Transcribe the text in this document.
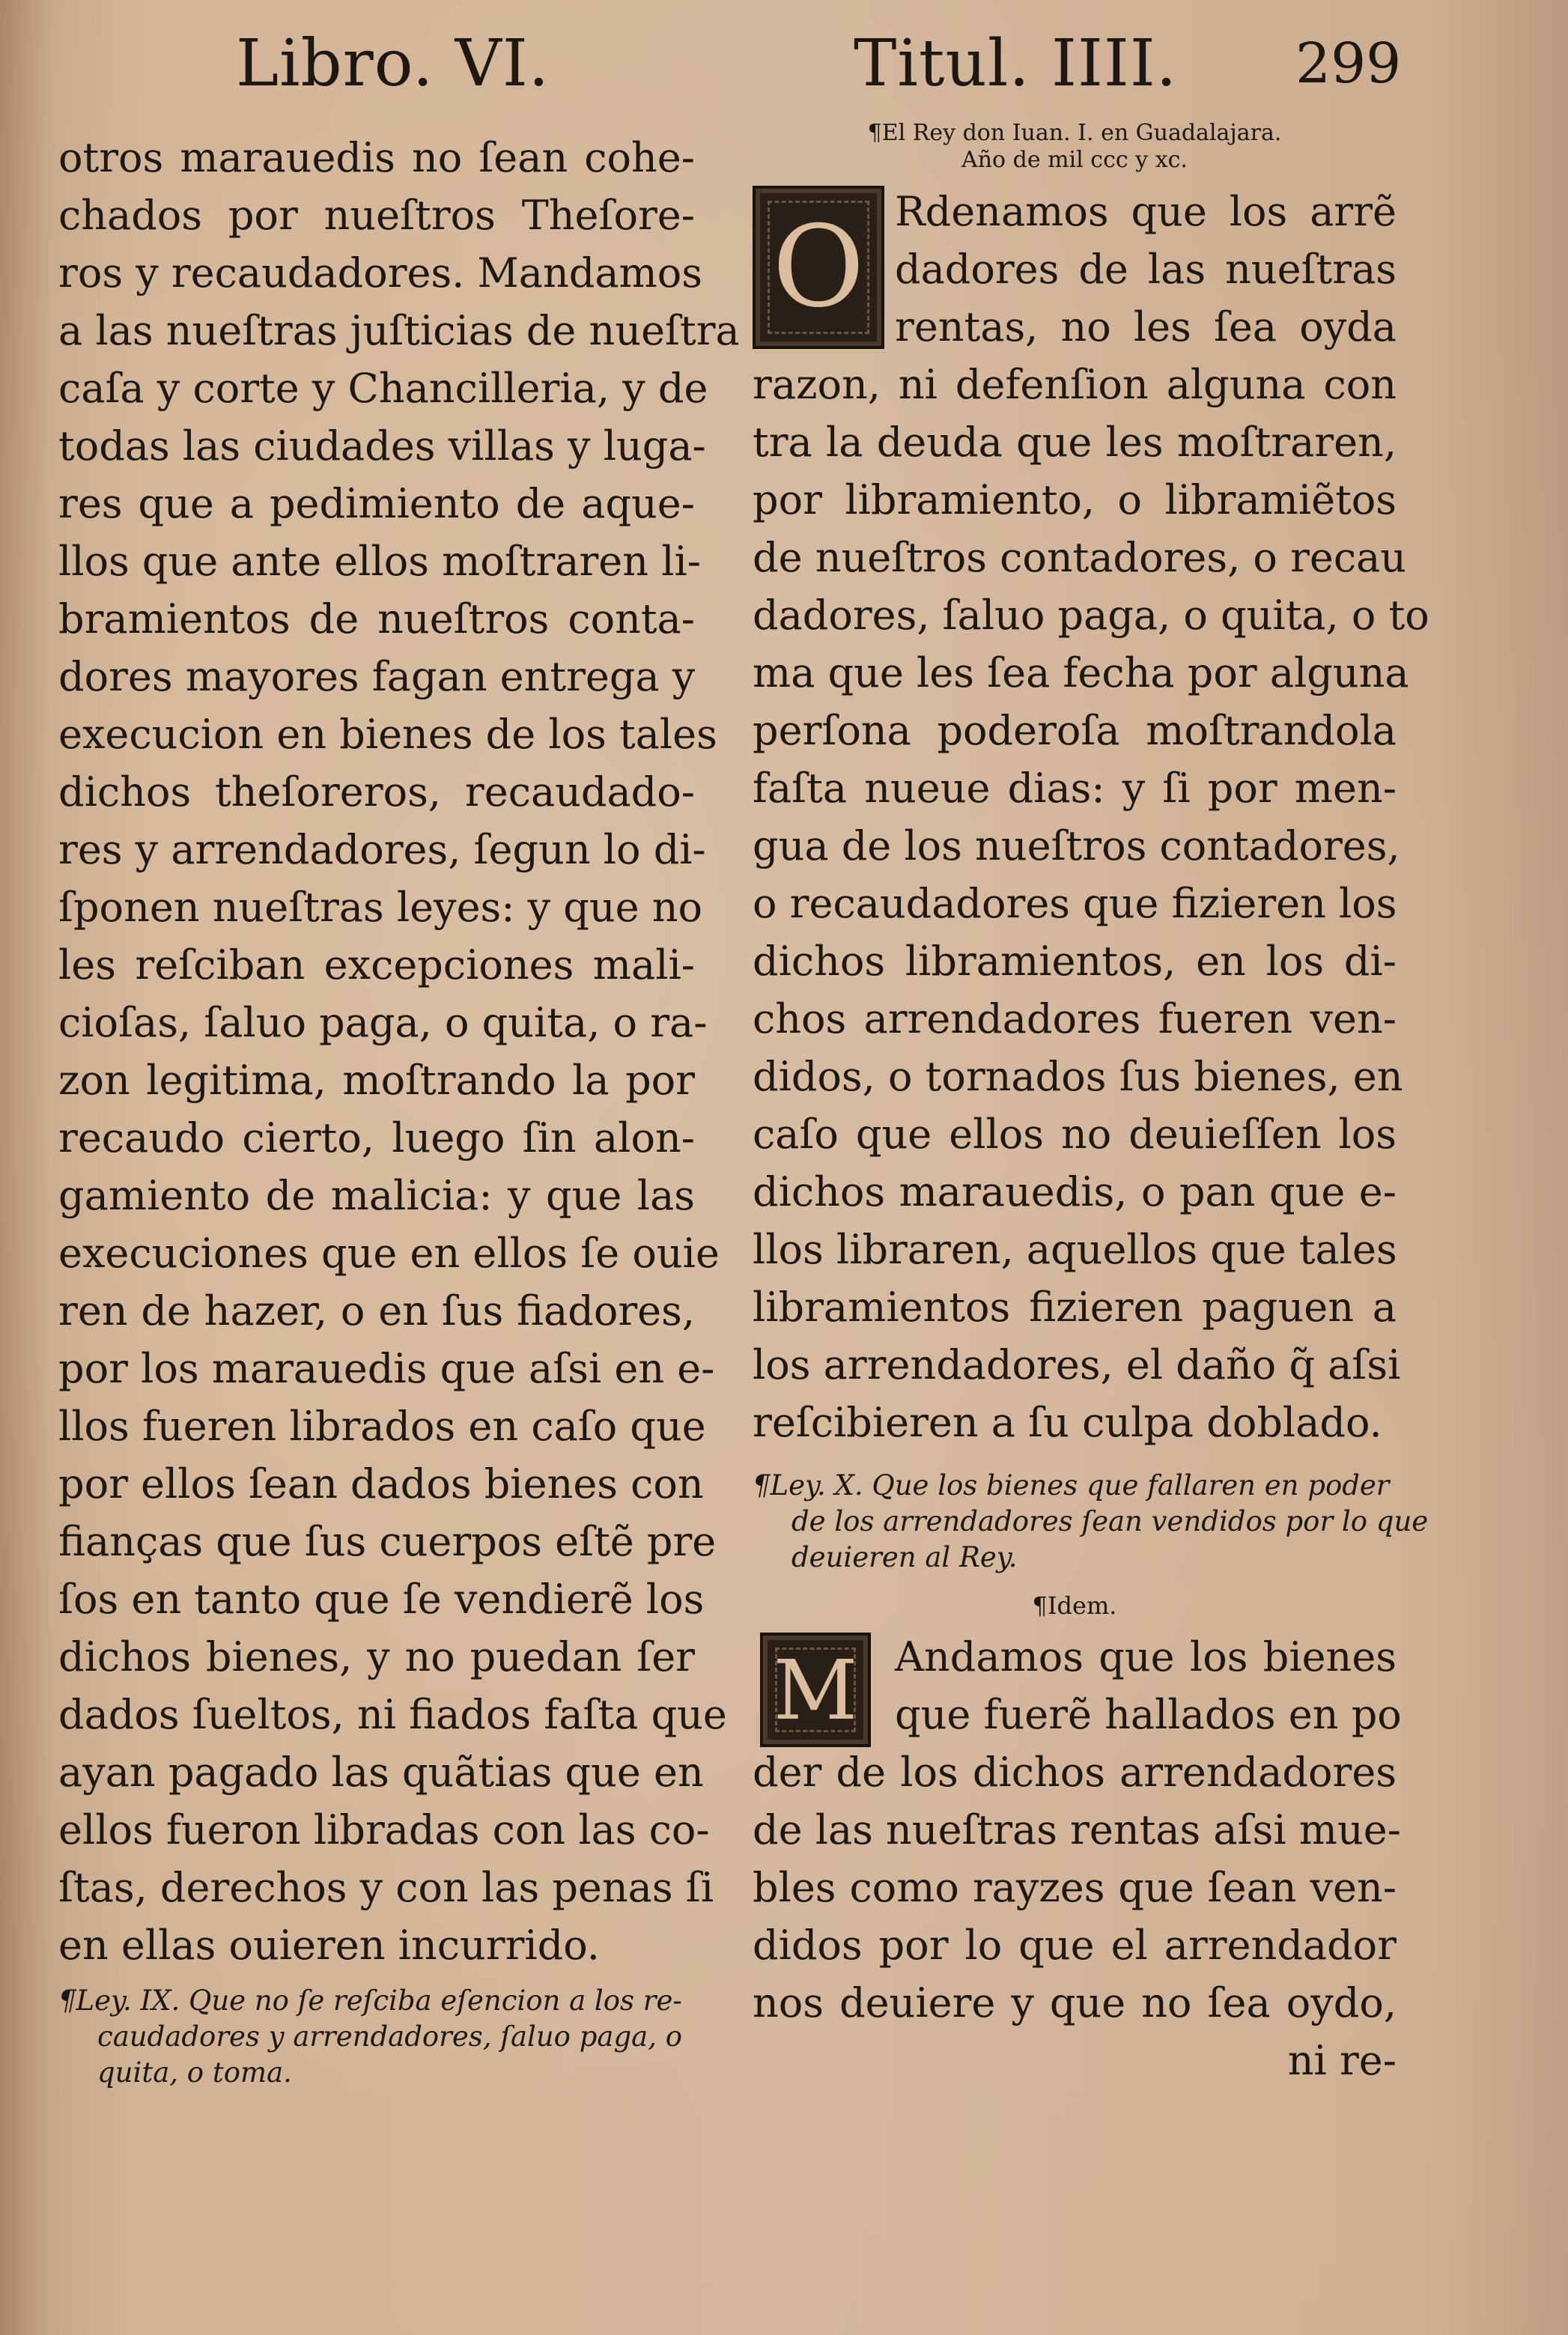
Libro. VI.	Titul. IIII. 299
otros marauedis no ſean cohe-
chados por nueſtros Theſore-
ros y recaudadores. Mandamos
a las nueſtras juſticias de nueſtra
caſa y corte y Chancilleria, y de
todas las ciudades villas y luga-
res que a pedimiento de aque-
llos que ante ellos moſtraren li-
bramientos de nueſtros conta-
dores mayores fagan entrega y
execucion en bienes de los tales
dichos theſoreros, recaudado-
res y arrendadores, ſegun lo di-
ſponen nueſtras leyes: y que no
les reſciban excepciones mali-
cioſas, ſaluo paga, o quita, o ra-
zon legitima, moſtrando la por
recaudo cierto, luego ſin alon-
gamiento de malicia: y que las
execuciones que en ellos ſe ouie
ren de hazer, o en ſus fiadores,
por los marauedis que aſsi en e-
llos fueren librados en caſo que
por ellos ſean dados bienes con
fianças que ſus cuerpos eſtẽ pre
ſos en tanto que ſe vendierẽ los
dichos bienes, y no puedan ſer
dados ſueltos, ni fiados faſta que
ayan pagado las quãtias que en
ellos fueron libradas con las co-
ſtas, derechos y con las penas ſi
en ellas ouieren incurrido.
¶Ley. IX. Que no ſe reſciba eſencion a los re-
caudadores y arrendadores, ſaluo paga, o
quita, o toma.
¶El Rey don Iuan. I. en Guadalajara.
Año de mil ccc y xc.
O Rdenamos que los arrẽ
dadores de las nueſtras
rentas, no les ſea oyda
razon, ni defenſion alguna con
tra la deuda que les moſtraren,
por libramiento, o libramiẽtos
de nueſtros contadores, o recau
dadores, ſaluo paga, o quita, o to
ma que les ſea fecha por alguna
perſona poderoſa moſtrandola
faſta nueue dias: y ſi por men-
gua de los nueſtros contadores,
o recaudadores que fizieren los
dichos libramientos, en los di-
chos arrendadores fueren ven-
didos, o tornados ſus bienes, en
caſo que ellos no deuieſſen los
dichos marauedis, o pan que e-
llos libraren, aquellos que tales
libramientos fizieren paguen a
los arrendadores, el daño q̃ aſsi
reſcibieren a ſu culpa doblado.
¶Ley. X. Que los bienes que fallaren en poder
de los arrendadores ſean vendidos por lo que
deuieren al Rey.
¶Idem.
M Andamos que los bienes
que fuerẽ hallados en po
der de los dichos arrendadores
de las nueſtras rentas aſsi mue-
bles como rayzes que ſean ven-
didos por lo que el arrendador
nos deuiere y que no ſea oydo,
ni re-
